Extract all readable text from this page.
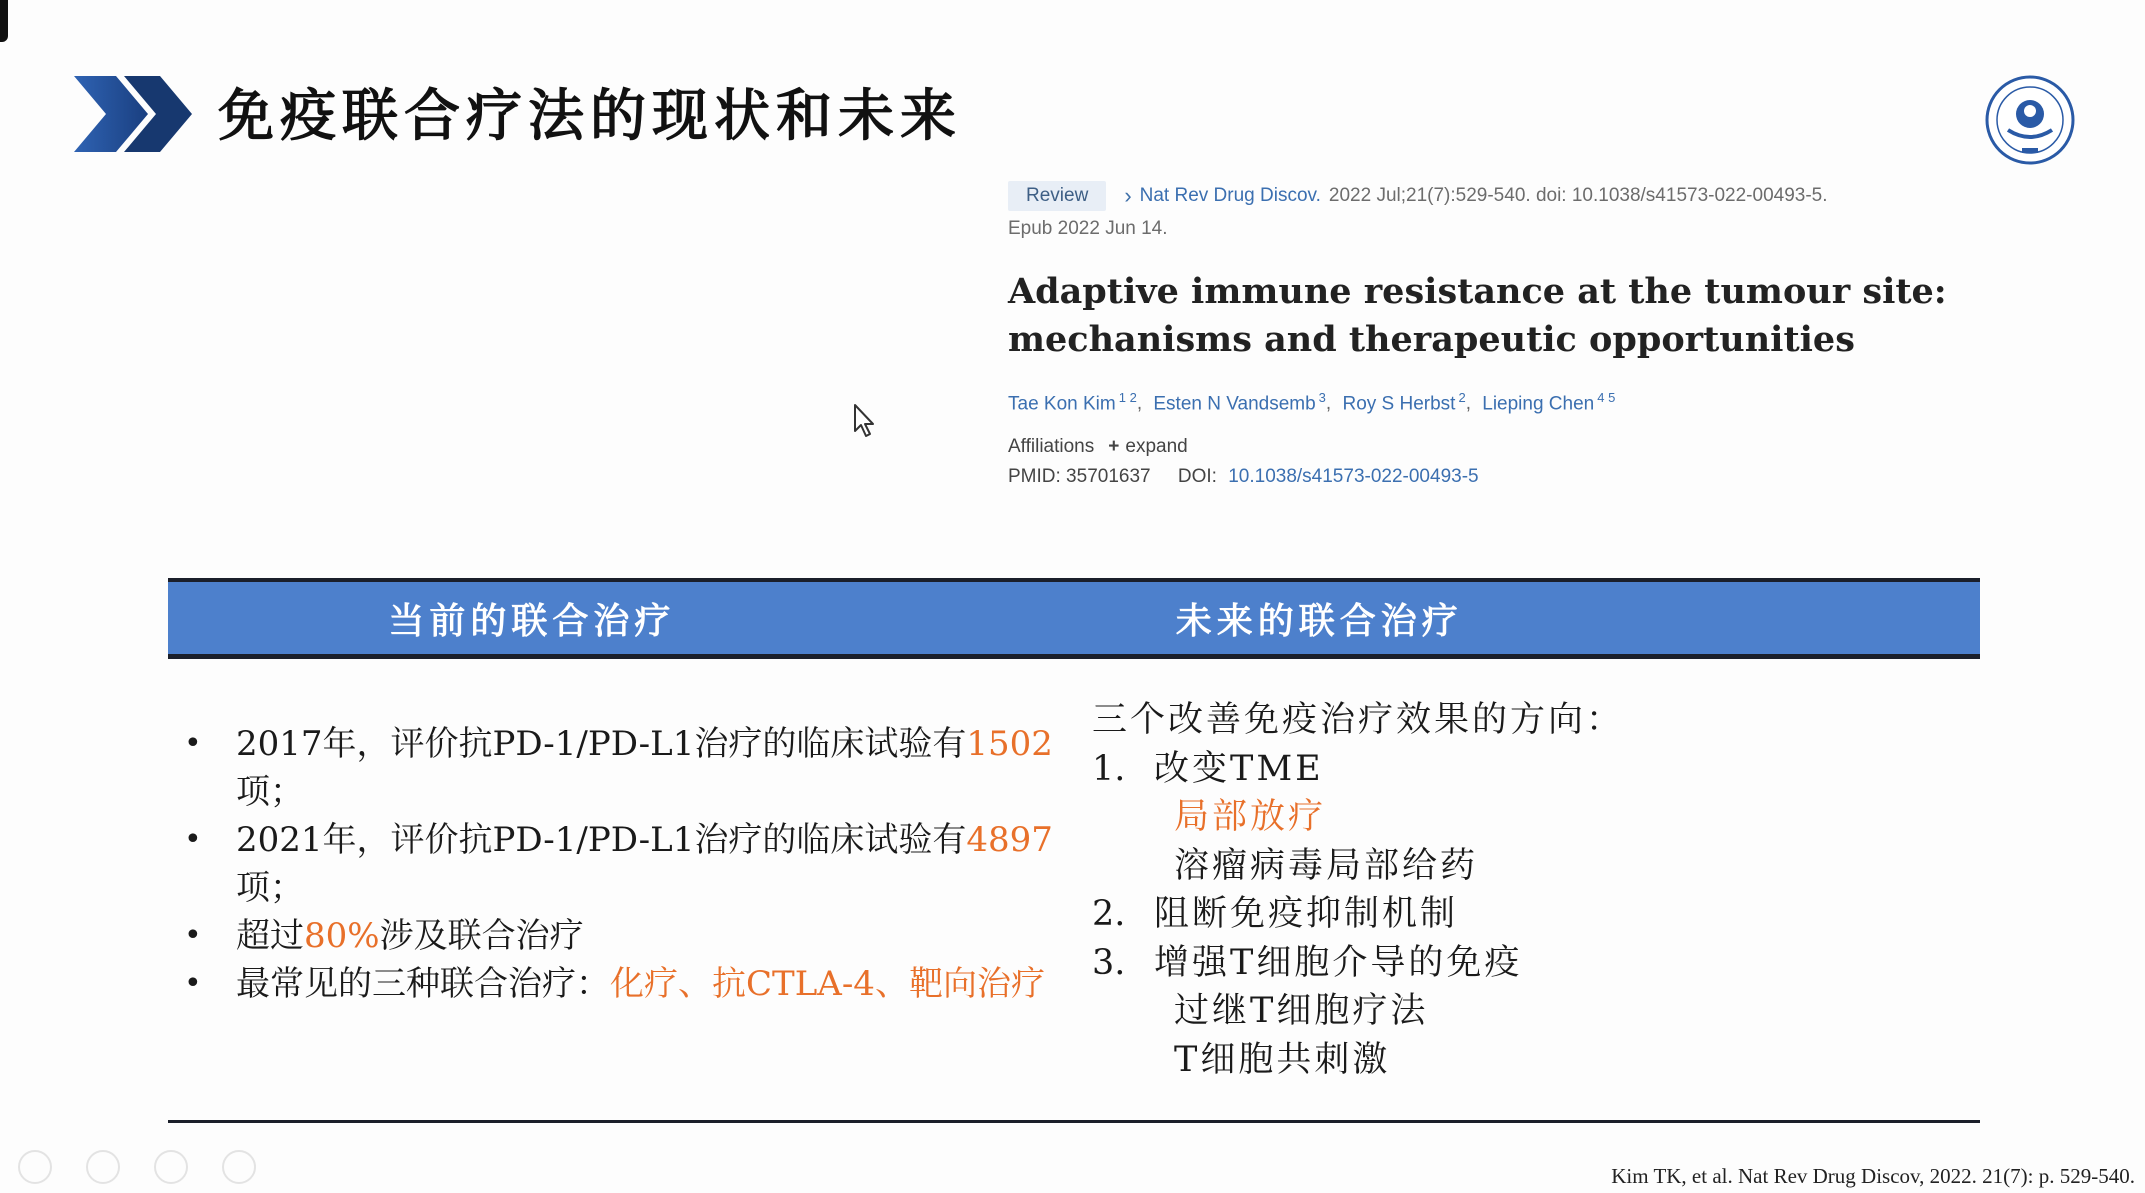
免疫联合疗法的现状和未来
Review	› Nat Rev Drug Discov. 2022 Jul;21(7):529-540. doi: 10.1038/s41573-022-00493-5.
Epub 2022 Jun 14.
Adaptive immune resistance at the tumour site: mechanisms and therapeutic opportunities
Tae Kon Kim $^{1 2}$, Esten N Vandsemb $^3$, Roy S Herbst $^2$, Lieping Chen $^{4 5}$
Affiliations + expand
PMID: 35701637 DOI: 10.1038/s41573-022-00493-5
当前的联合治疗	未来的联合治疗
• 2017年，评价抗PD-1/PD-L1治疗的临床试验有1502项；
• 2021年，评价抗PD-1/PD-L1治疗的临床试验有4897项；
• 超过80%涉及联合治疗
• 最常见的三种联合治疗：化疗、抗CTLA-4、靶向治疗
三个改善免疫治疗效果的方向：
1. 改变TME
局部放疗
溶瘤病毒局部给药
2. 阻断免疫抑制机制
3. 增强T细胞介导的免疫
过继T细胞疗法
T细胞共刺激
Kim TK, et al. Nat Rev Drug Discov, 2022. 21(7): p. 529-540.
